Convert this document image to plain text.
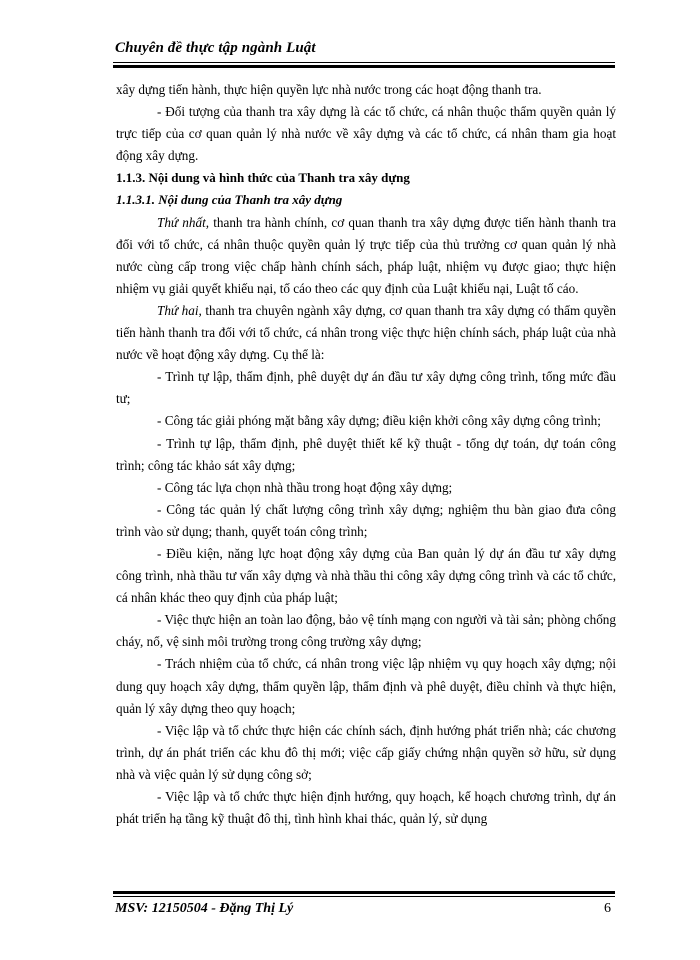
Chuyên đề thực tập ngành Luật

xây dựng tiến hành, thực hiện quyền lực nhà nước trong các hoạt động thanh tra.

- Đối tượng của thanh tra xây dựng là các tổ chức, cá nhân thuộc thẩm quyền quản lý trực tiếp của cơ quan quản lý nhà nước về xây dựng và các tổ chức, cá nhân tham gia hoạt động xây dựng.

1.1.3. Nội dung và hình thức của Thanh tra xây dựng

1.1.3.1. Nội dung của Thanh tra xây dựng

Thứ nhất, thanh tra hành chính, cơ quan thanh tra xây dựng được tiến hành thanh tra đối với tổ chức, cá nhân thuộc quyền quản lý trực tiếp của thủ trưởng cơ quan quản lý nhà nước cùng cấp trong việc chấp hành chính sách, pháp luật, nhiệm vụ được giao; thực hiện nhiệm vụ giải quyết khiếu nại, tố cáo theo các quy định của Luật khiếu nại, Luật tố cáo.

Thứ hai, thanh tra chuyên ngành xây dựng, cơ quan thanh tra xây dựng có thẩm quyền tiến hành thanh tra đối với tổ chức, cá nhân trong việc thực hiện chính sách, pháp luật của nhà nước về hoạt động xây dựng. Cụ thể là:

- Trình tự lập, thẩm định, phê duyệt dự án đầu tư xây dựng công trình, tổng mức đầu tư;

- Công tác giải phóng mặt bằng xây dựng; điều kiện khởi công xây dựng công trình;

- Trình tự lập, thẩm định, phê duyệt thiết kế kỹ thuật - tổng dự toán, dự toán công trình; công tác khảo sát xây dựng;

- Công tác lựa chọn nhà thầu trong hoạt động xây dựng;

- Công tác quản lý chất lượng công trình xây dựng; nghiệm thu bàn giao đưa công trình vào sử dụng; thanh, quyết toán công trình;

- Điều kiện, năng lực hoạt động xây dựng của Ban quản lý dự án đầu tư xây dựng công trình, nhà thầu tư vấn xây dựng và nhà thầu thi công xây dựng công trình và các tổ chức, cá nhân khác theo quy định của pháp luật;

- Việc thực hiện an toàn lao động, bảo vệ tính mạng con người và tài sản; phòng chống cháy, nổ, vệ sinh môi trường trong công trường xây dựng;

- Trách nhiệm của tổ chức, cá nhân trong việc lập nhiệm vụ quy hoạch xây dựng; nội dung quy hoạch xây dựng, thẩm quyền lập, thẩm định và phê duyệt, điều chỉnh và thực hiện, quản lý xây dựng theo quy hoạch;

- Việc lập và tổ chức thực hiện các chính sách, định hướng phát triển nhà; các chương trình, dự án phát triển các khu đô thị mới; việc cấp giấy chứng nhận quyền sở hữu, sử dụng nhà và việc quản lý sử dụng công sở;

- Việc lập và tổ chức thực hiện định hướng, quy hoạch, kế hoạch chương trình, dự án phát triển hạ tầng kỹ thuật đô thị, tình hình khai thác, quản lý, sử dụng

MSV: 12150504 - Đặng Thị Lý	6
